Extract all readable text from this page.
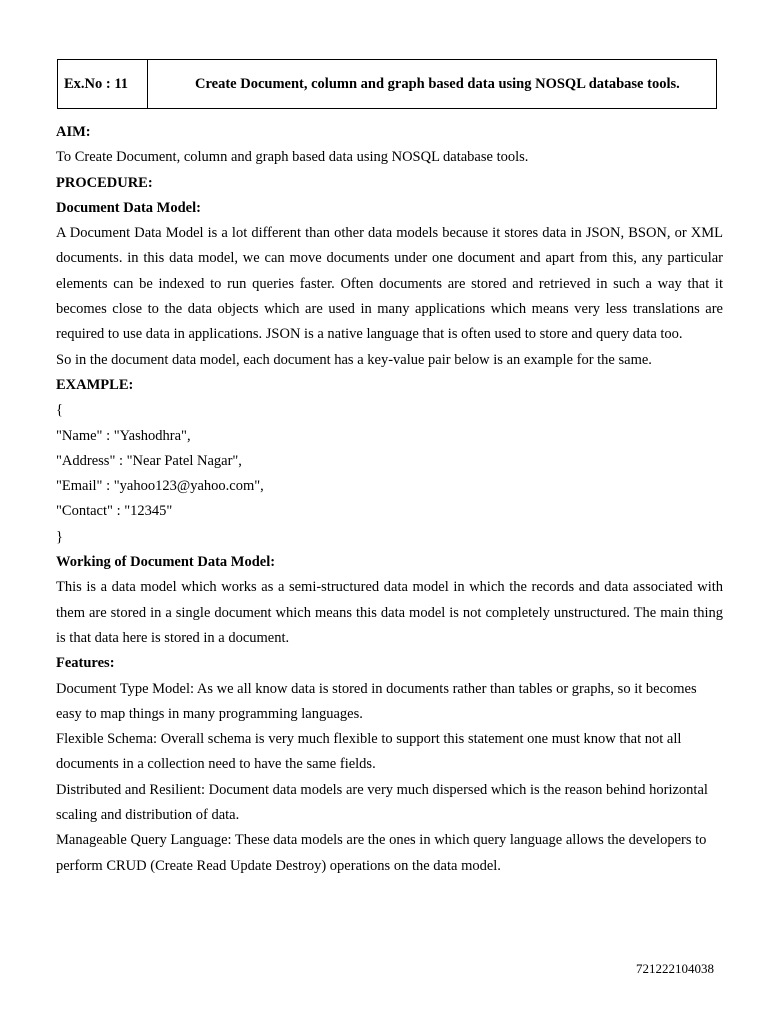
Ex.No : 11	Create Document, column and graph based data using NOSQL database tools.
AIM:
To Create Document, column and graph based data using NOSQL database tools.
PROCEDURE:
Document Data Model:
A Document Data Model is a lot different than other data models because it stores data in JSON, BSON, or XML documents. in this data model, we can move documents under one document and apart from this, any particular elements can be indexed to run queries faster. Often documents are stored and retrieved in such a way that it becomes close to the data objects which are used in many applications which means very less translations are required to use data in applications. JSON is a native language that is often used to store and query data too.
So in the document data model, each document has a key-value pair below is an example for the same.
EXAMPLE:
{
"Name" : "Yashodhra",
"Address" : "Near Patel Nagar",
"Email" : "yahoo123@yahoo.com",
"Contact" : "12345"
}
Working of Document Data Model:
This is a data model which works as a semi-structured data model in which the records and data associated with them are stored in a single document which means this data model is not completely unstructured. The main thing is that data here is stored in a document.
Features:
Document Type Model: As we all know data is stored in documents rather than tables or graphs, so it becomes easy to map things in many programming languages.
Flexible Schema: Overall schema is very much flexible to support this statement one must know that not all documents in a collection need to have the same fields.
Distributed and Resilient: Document data models are very much dispersed which is the reason behind horizontal scaling and distribution of data.
Manageable Query Language: These data models are the ones in which query language allows the developers to perform CRUD (Create Read Update Destroy) operations on the data model.
721222104038
